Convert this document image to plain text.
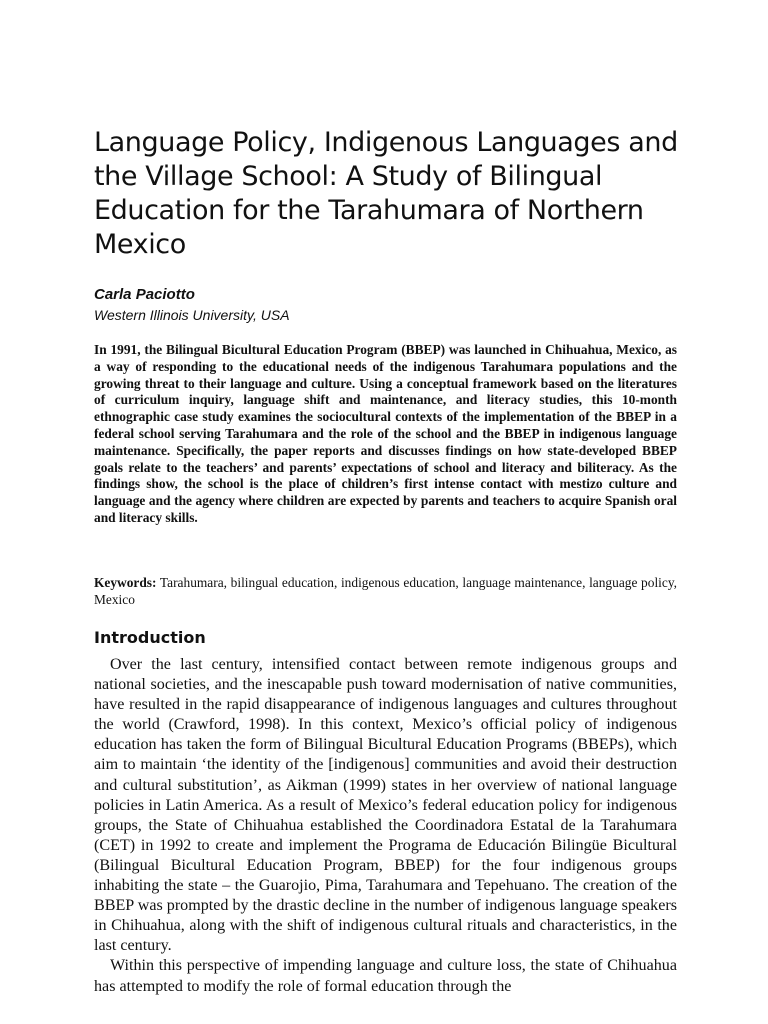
Language Policy, Indigenous Languages and the Village School: A Study of Bilingual Education for the Tarahumara of Northern Mexico
Carla Paciotto
Western Illinois University, USA

In 1991, the Bilingual Bicultural Education Program (BBEP) was launched in Chihuahua, Mexico, as a way of responding to the educational needs of the indigenous Tarahumara populations and the growing threat to their language and culture. Using a conceptual framework based on the literatures of curriculum inquiry, language shift and maintenance, and literacy studies, this 10-month ethnographic case study examines the sociocultural contexts of the implementation of the BBEP in a federal school serving Tarahumara and the role of the school and the BBEP in indigenous language maintenance. Specifically, the paper reports and discusses findings on how state-developed BBEP goals relate to the teachers’ and parents’ expectations of school and literacy and biliteracy. As the findings show, the school is the place of children’s first intense contact with mestizo culture and language and the agency where children are expected by parents and teachers to acquire Spanish oral and literacy skills.

Keywords: Tarahumara, bilingual education, indigenous education, language maintenance, language policy, Mexico

Introduction

Over the last century, intensified contact between remote indigenous groups and national societies, and the inescapable push toward modernisation of native communities, have resulted in the rapid disappearance of indigenous languages and cultures throughout the world (Crawford, 1998). In this context, Mexico’s official policy of indigenous education has taken the form of Bilingual Bicultural Education Programs (BBEPs), which aim to maintain ‘the identity of the [indigenous] communities and avoid their destruction and cultural substitution’, as Aikman (1999) states in her overview of national language policies in Latin America. As a result of Mexico’s federal education policy for indigenous groups, the State of Chihuahua established the Coordinadora Estatal de la Tarahumara (CET) in 1992 to create and implement the Programa de Educación Bilingüe Bicultural (Bilingual Bicultural Education Program, BBEP) for the four indigenous groups inhabiting the state – the Guarojio, Pima, Tarahumara and Tepehuano. The creation of the BBEP was prompted by the drastic decline in the number of indigenous language speakers in Chihuahua, along with the shift of indigenous cultural rituals and characteristics, in the last century.

Within this perspective of impending language and culture loss, the state of Chihuahua has attempted to modify the role of formal education through the
